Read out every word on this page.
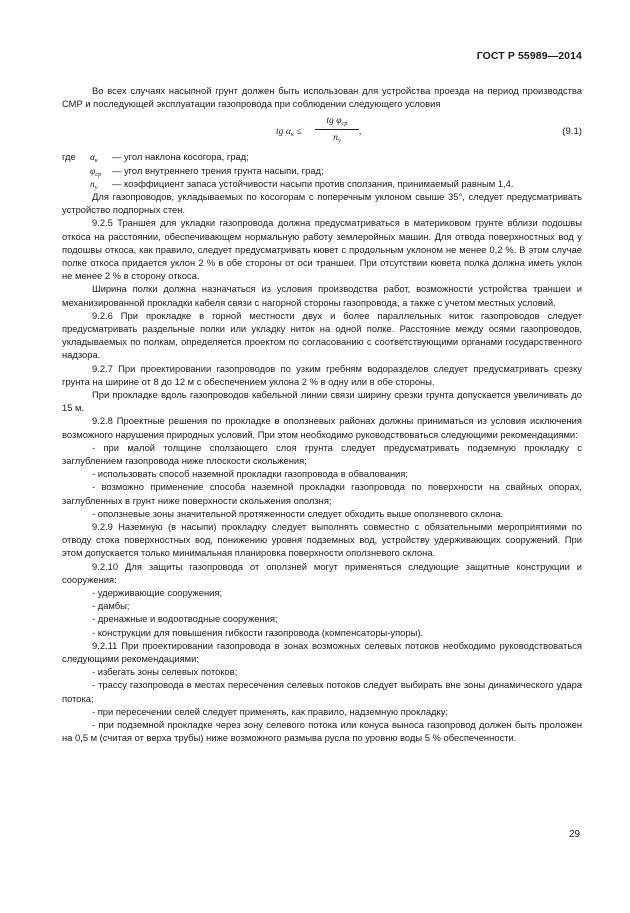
ГОСТ Р 55989—2014

Во всех случаях насыпной грунт должен быть использован для устройства проезда на период производства СМР и последующей эксплуатации газопровода при соблюдении следующего условия

tg $\alpha_к$ ≤
tg $\varphi_{ср}$
$n_у$
,	(9.1)
где	$\alpha_к$	— угол наклона косогора, град;
$\varphi_{ср}$	— угол внутреннего трения грунта насыпи, град;
$n_у$	— коэффициент запаса устойчивости насыпи против сползания, принимаемый равным 1,4.

Для газопроводов, укладываемых по косогорам с поперечным уклоном свыше 35°, следует предусматривать устройство подпорных стен.

9.2.5 Траншея для укладки газопровода должна предусматриваться в материковом грунте вблизи подошвы откоса на расстоянии, обеспечивающем нормальную работу землеройных машин. Для отвода поверхностных вод у подошвы откоса, как правило, следует предусматривать кювет с продольным уклоном не менее 0,2 %. В этом случае полке откоса придается уклон 2 % в обе стороны от оси траншеи. При отсутствии кювета полка должна иметь уклон не менее 2 % в сторону откоса.

Ширина полки должна назначаться из условия производства работ, возможности устройства траншеи и механизированной прокладки кабеля связи с нагорной стороны газопровода, а также с учетом местных условий.

9.2.6 При прокладке в горной местности двух и более параллельных ниток газопроводов следует предусматривать раздельные полки или укладку ниток на одной полке. Расстояние между осями газопроводов, укладываемых по полкам, определяется проектом по согласованию с соответствующими органами государственного надзора.

9.2.7 При проектировании газопроводов по узким гребням водоразделов следует предусматривать срезку грунта на ширине от 8 до 12 м с обеспечением уклона 2 % в одну или в обе стороны.

При прокладке вдоль газопроводов кабельной линии связи ширину срезки грунта допускается увеличивать до 15 м.

9.2.8 Проектные решения по прокладке в оползневых районах должны приниматься из условия исключения возможного нарушения природных условий. При этом необходимо руководствоваться следующими рекомендациями:

- при малой толщине сползающего слоя грунта следует предусматривать подземную прокладку с заглублением газопровода ниже плоскости скольжения;

- использовать способ наземной прокладки газопровода в обвалования;

- возможно применение способа наземной прокладки газопровода по поверхности на свайных опорах, заглубленных в грунт ниже поверхности скольжения оползня;

- оползневые зоны значительной протяженности следует обходить выше оползневого склона.

9.2.9 Наземную (в насыпи) прокладку следует выполнять совместно с обязательными мероприятиями по отводу стока поверхностных вод, понижению уровня подземных вод, устройству удерживающих сооружений. При этом допускается только минимальная планировка поверхности оползневого склона.

9.2.10 Для защиты газопровода от оползней могут применяться следующие защитные конструкции и сооружения:

- удерживающие сооружения;

- дамбы;

- дренажные и водоотводные сооружения;

- конструкции для повышения гибкости газопровода (компенсаторы-упоры).

9.2.11 При проектировании газопровода в зонах возможных селевых потоков необходимо руководствоваться следующими рекомендациями:

- избегать зоны селевых потоков;

- трассу газопровода в местах пересечения селевых потоков следует выбирать вне зоны динамического удара потока;

- при пересечении селей следует применять, как правило, надземную прокладку;

- при подземной прокладке через зону селевого потока или конуса выноса газопровод должен быть проложен на 0,5 м (считая от верха трубы) ниже возможного размыва русла по уровню воды 5 % обеспеченности.

29
